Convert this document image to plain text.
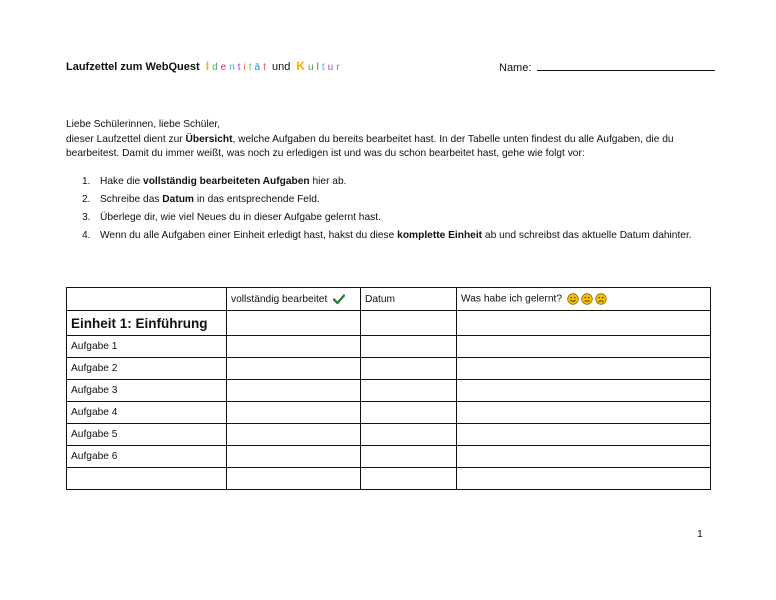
Laufzettel zum WebQuest I d e n t i t ä t und K u l t u r	Name:

Liebe Schülerinnen, liebe Schüler,

dieser Laufzettel dient zur Übersicht, welche Aufgaben du bereits bearbeitet hast. In der Tabelle unten findest du alle Aufgaben, die du

bearbeitest. Damit du immer weißt, was noch zu erledigen ist und was du schon bearbeitet hast, gehe wie folgt vor:

1. Hake die vollständig bearbeiteten Aufgaben hier ab.
2. Schreibe das Datum in das entsprechende Feld.
3. Überlege dir, wie viel Neues du in dieser Aufgabe gelernt hast.
4. Wenn du alle Aufgaben einer Einheit erledigt hast, hakst du diese komplette Einheit ab und schreibst das aktuelle Datum dahinter.
	vollständig bearbeitet	Datum	Was habe ich gelernt?
Einheit 1: Einführung			
Aufgabe 1			
Aufgabe 2			
Aufgabe 3			
Aufgabe 4			
Aufgabe 5			
Aufgabe 6			

1
